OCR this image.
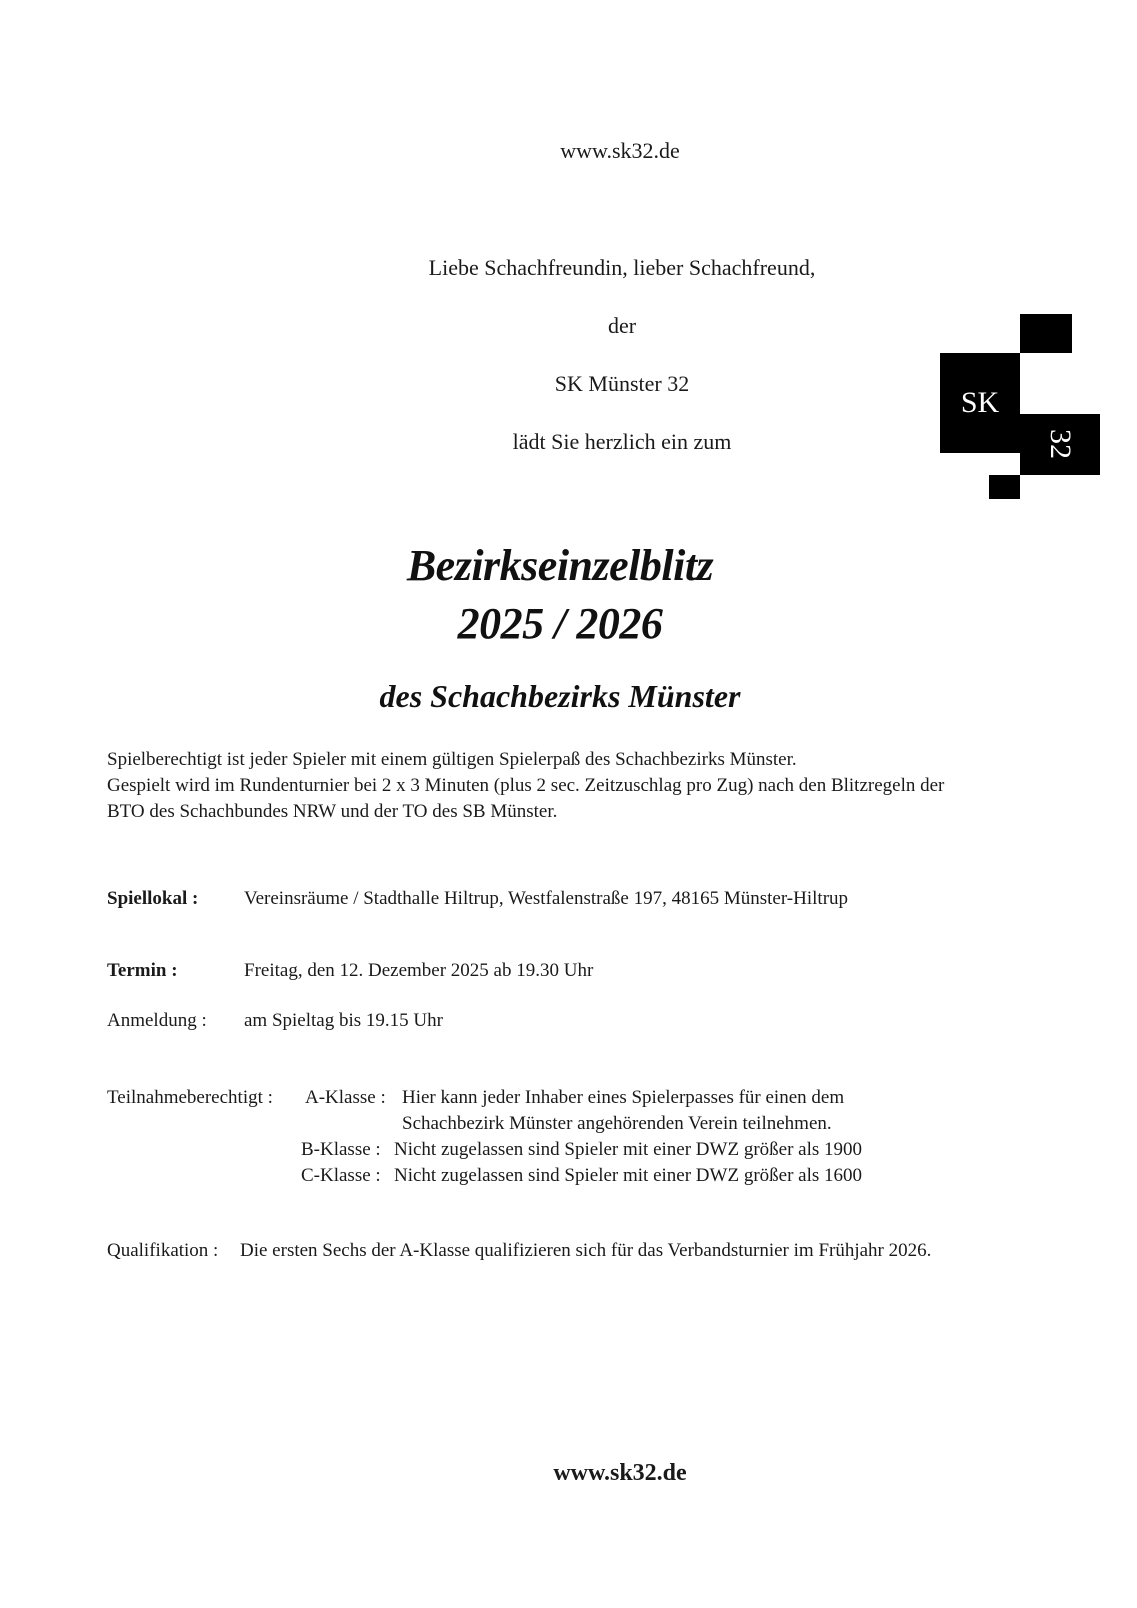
www.sk32.de
Liebe Schachfreundin, lieber Schachfreund,
der
SK Münster 32
lädt Sie herzlich ein zum
SK
32
Bezirkseinzelblitz
2025 / 2026
des Schachbezirks Münster
Spielberechtigt ist jeder Spieler mit einem gültigen Spielerpaß des Schachbezirks Münster.
Gespielt wird im Rundenturnier bei 2 x 3 Minuten (plus 2 sec. Zeitzuschlag pro Zug) nach den Blitzregeln der
BTO des Schachbundes NRW und der TO des SB Münster.
Spiellokal : Vereinsräume / Stadthalle Hiltrup, Westfalenstraße 197, 48165 Münster-Hiltrup
Termin :	Freitag, den 12. Dezember 2025 ab 19.30 Uhr
Anmeldung : am Spieltag bis 19.15 Uhr
Teilnahmeberechtigt : A-Klasse : Hier kann jeder Inhaber eines Spielerpasses für einen dem
Schachbezirk Münster angehörenden Verein teilnehmen.
B-Klasse : Nicht zugelassen sind Spieler mit einer DWZ größer als 1900
C-Klasse : Nicht zugelassen sind Spieler mit einer DWZ größer als 1600
Qualifikation : Die ersten Sechs der A-Klasse qualifizieren sich für das Verbandsturnier im Frühjahr 2026.
www.sk32.de
